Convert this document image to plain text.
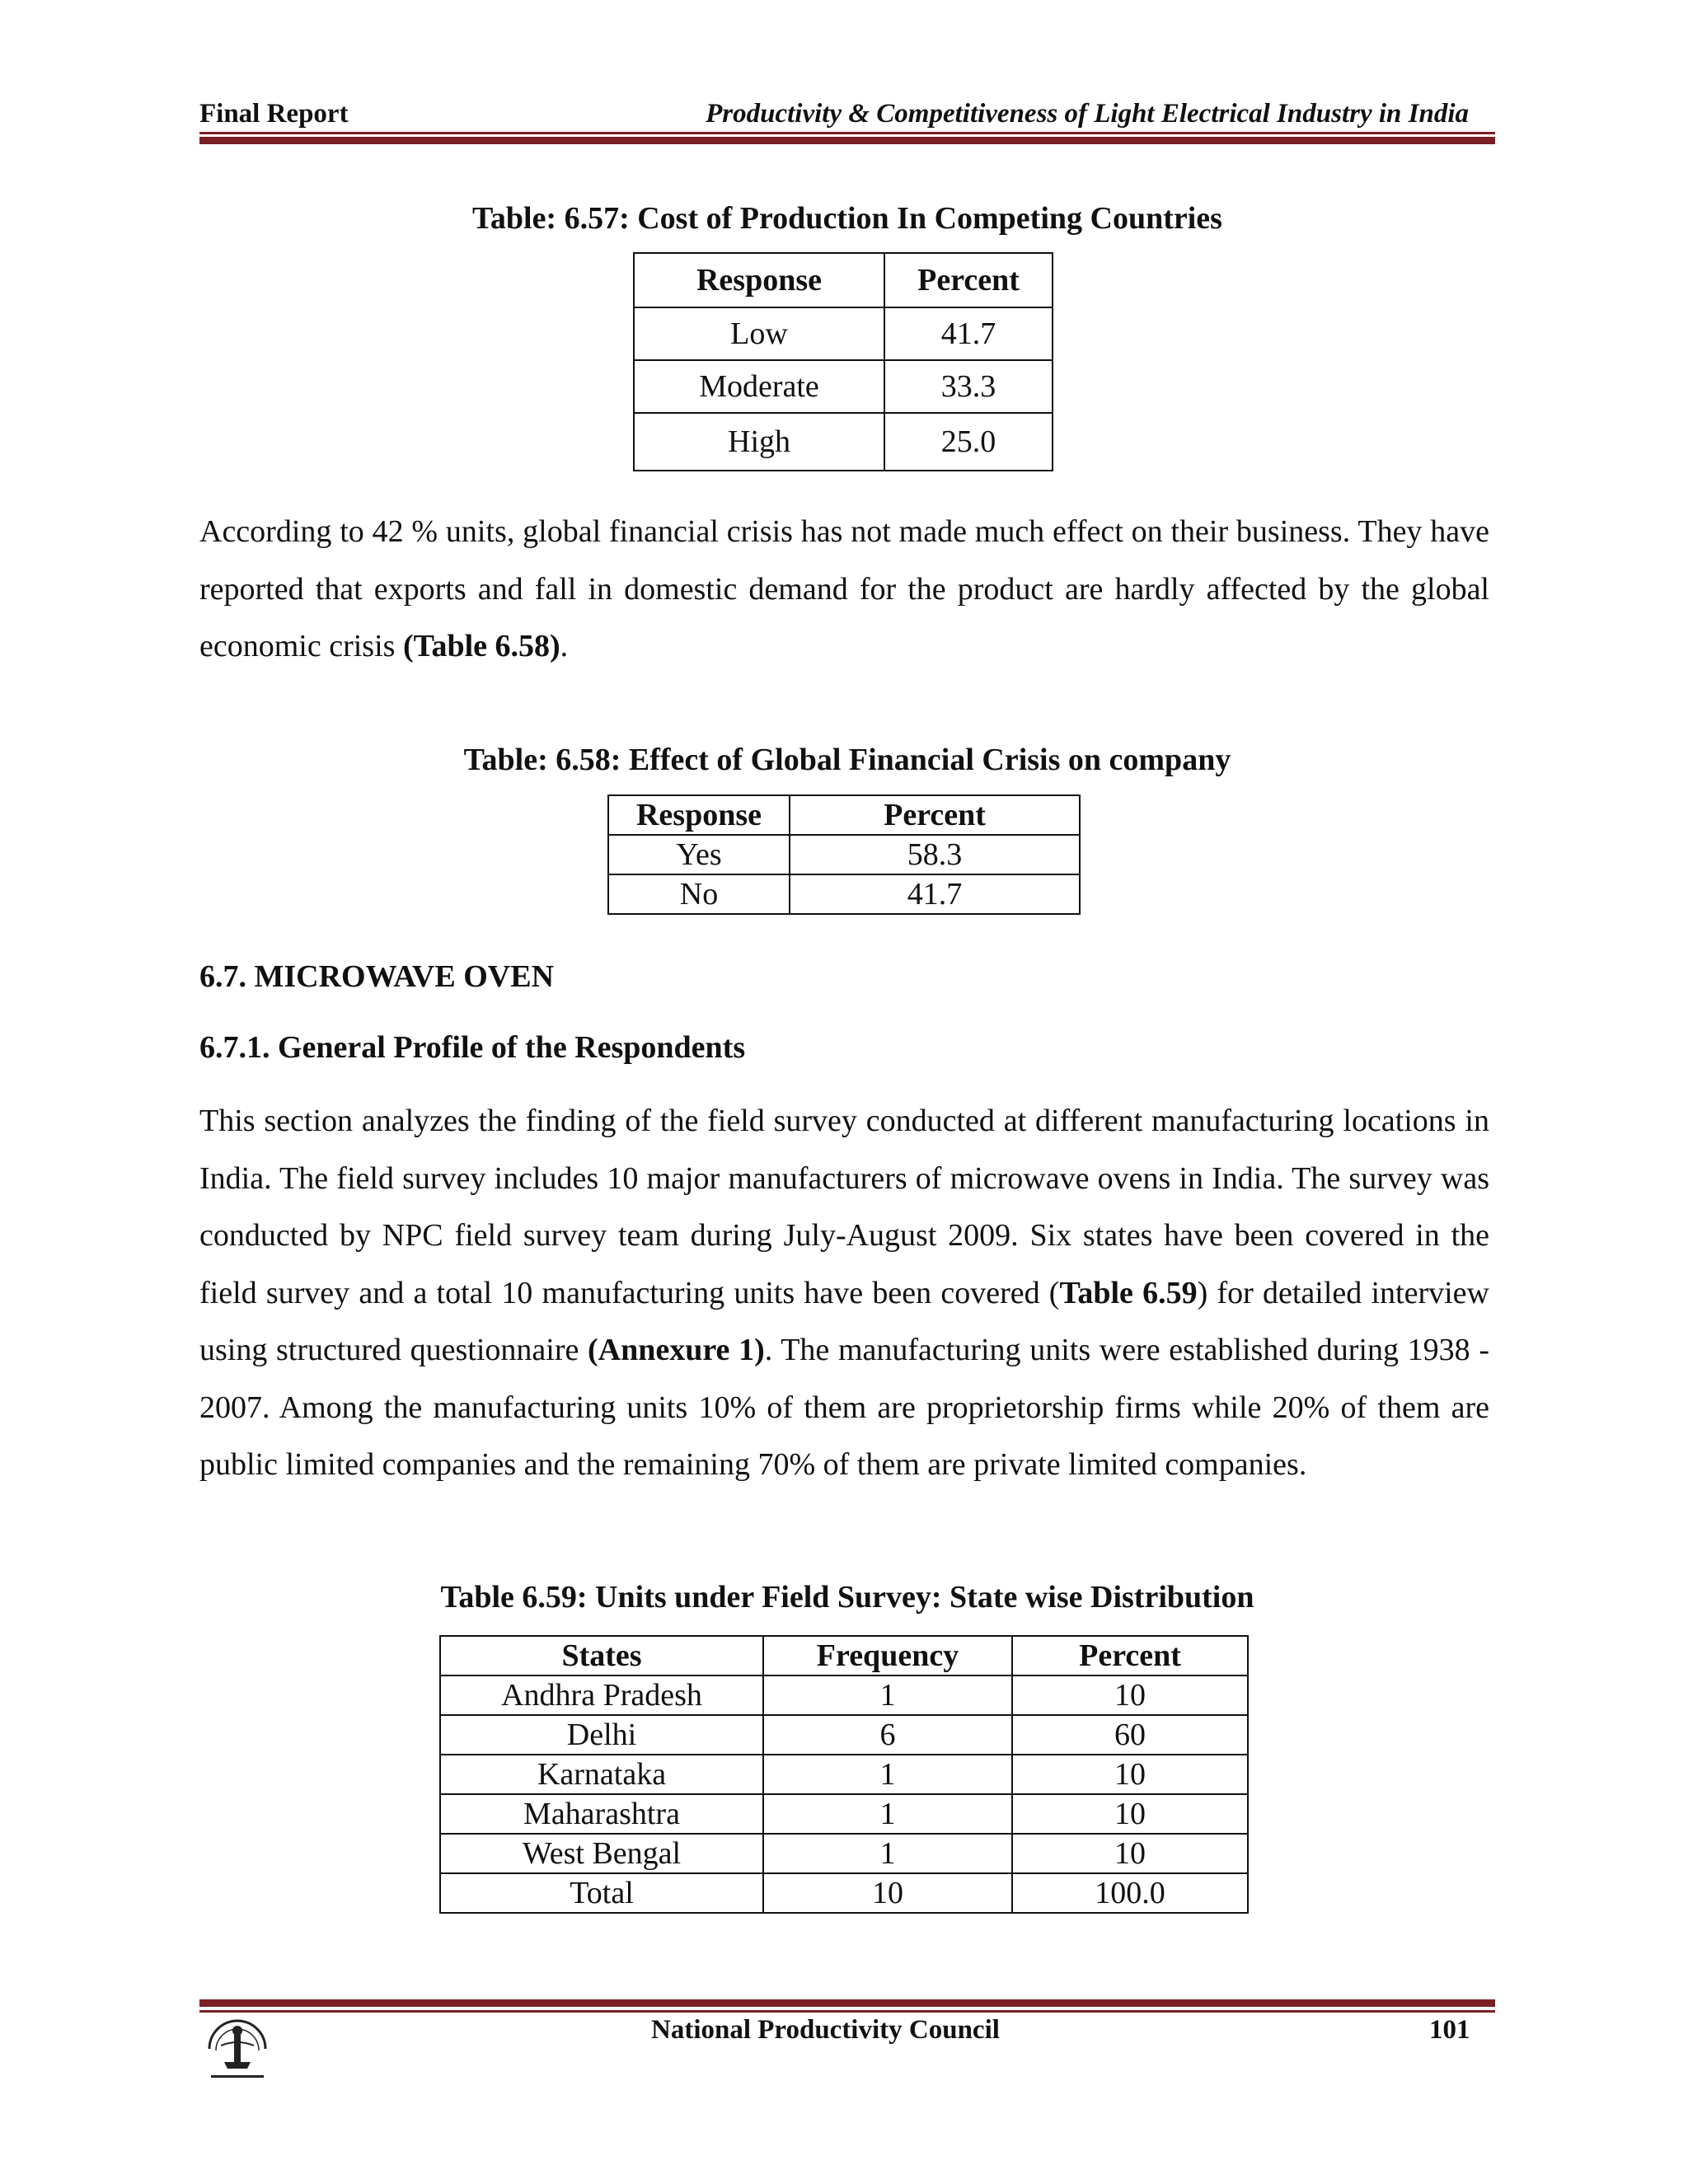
Final Report	Productivity & Competitiveness of Light Electrical Industry in India
Table: 6.57: Cost of Production In Competing Countries
Response	Percent
Low	41.7
Moderate	33.3
High	25.0
According to 42 % units, global financial crisis has not made much effect on their business. They have reported that exports and fall in domestic demand for the product are hardly affected by the global economic crisis (Table 6.58).
Table: 6.58: Effect of Global Financial Crisis on company
Response	Percent
Yes	58.3
No	41.7
6.7. MICROWAVE OVEN
6.7.1. General Profile of the Respondents
This section analyzes the finding of the field survey conducted at different manufacturing locations in India. The field survey includes 10 major manufacturers of microwave ovens in India. The survey was conducted by NPC field survey team during July-August 2009. Six states have been covered in the field survey and a total 10 manufacturing units have been covered (Table 6.59) for detailed interview using structured questionnaire (Annexure 1). The manufacturing units were established during 1938 - 2007. Among the manufacturing units 10% of them are proprietorship firms while 20% of them are public limited companies and the remaining 70% of them are private limited companies.
Table 6.59: Units under Field Survey: State wise Distribution
States	Frequency	Percent
Andhra Pradesh	1	10
Delhi	6	60
Karnataka	1	10
Maharashtra	1	10
West Bengal	1	10
Total	10	100.0
National Productivity Council	101
